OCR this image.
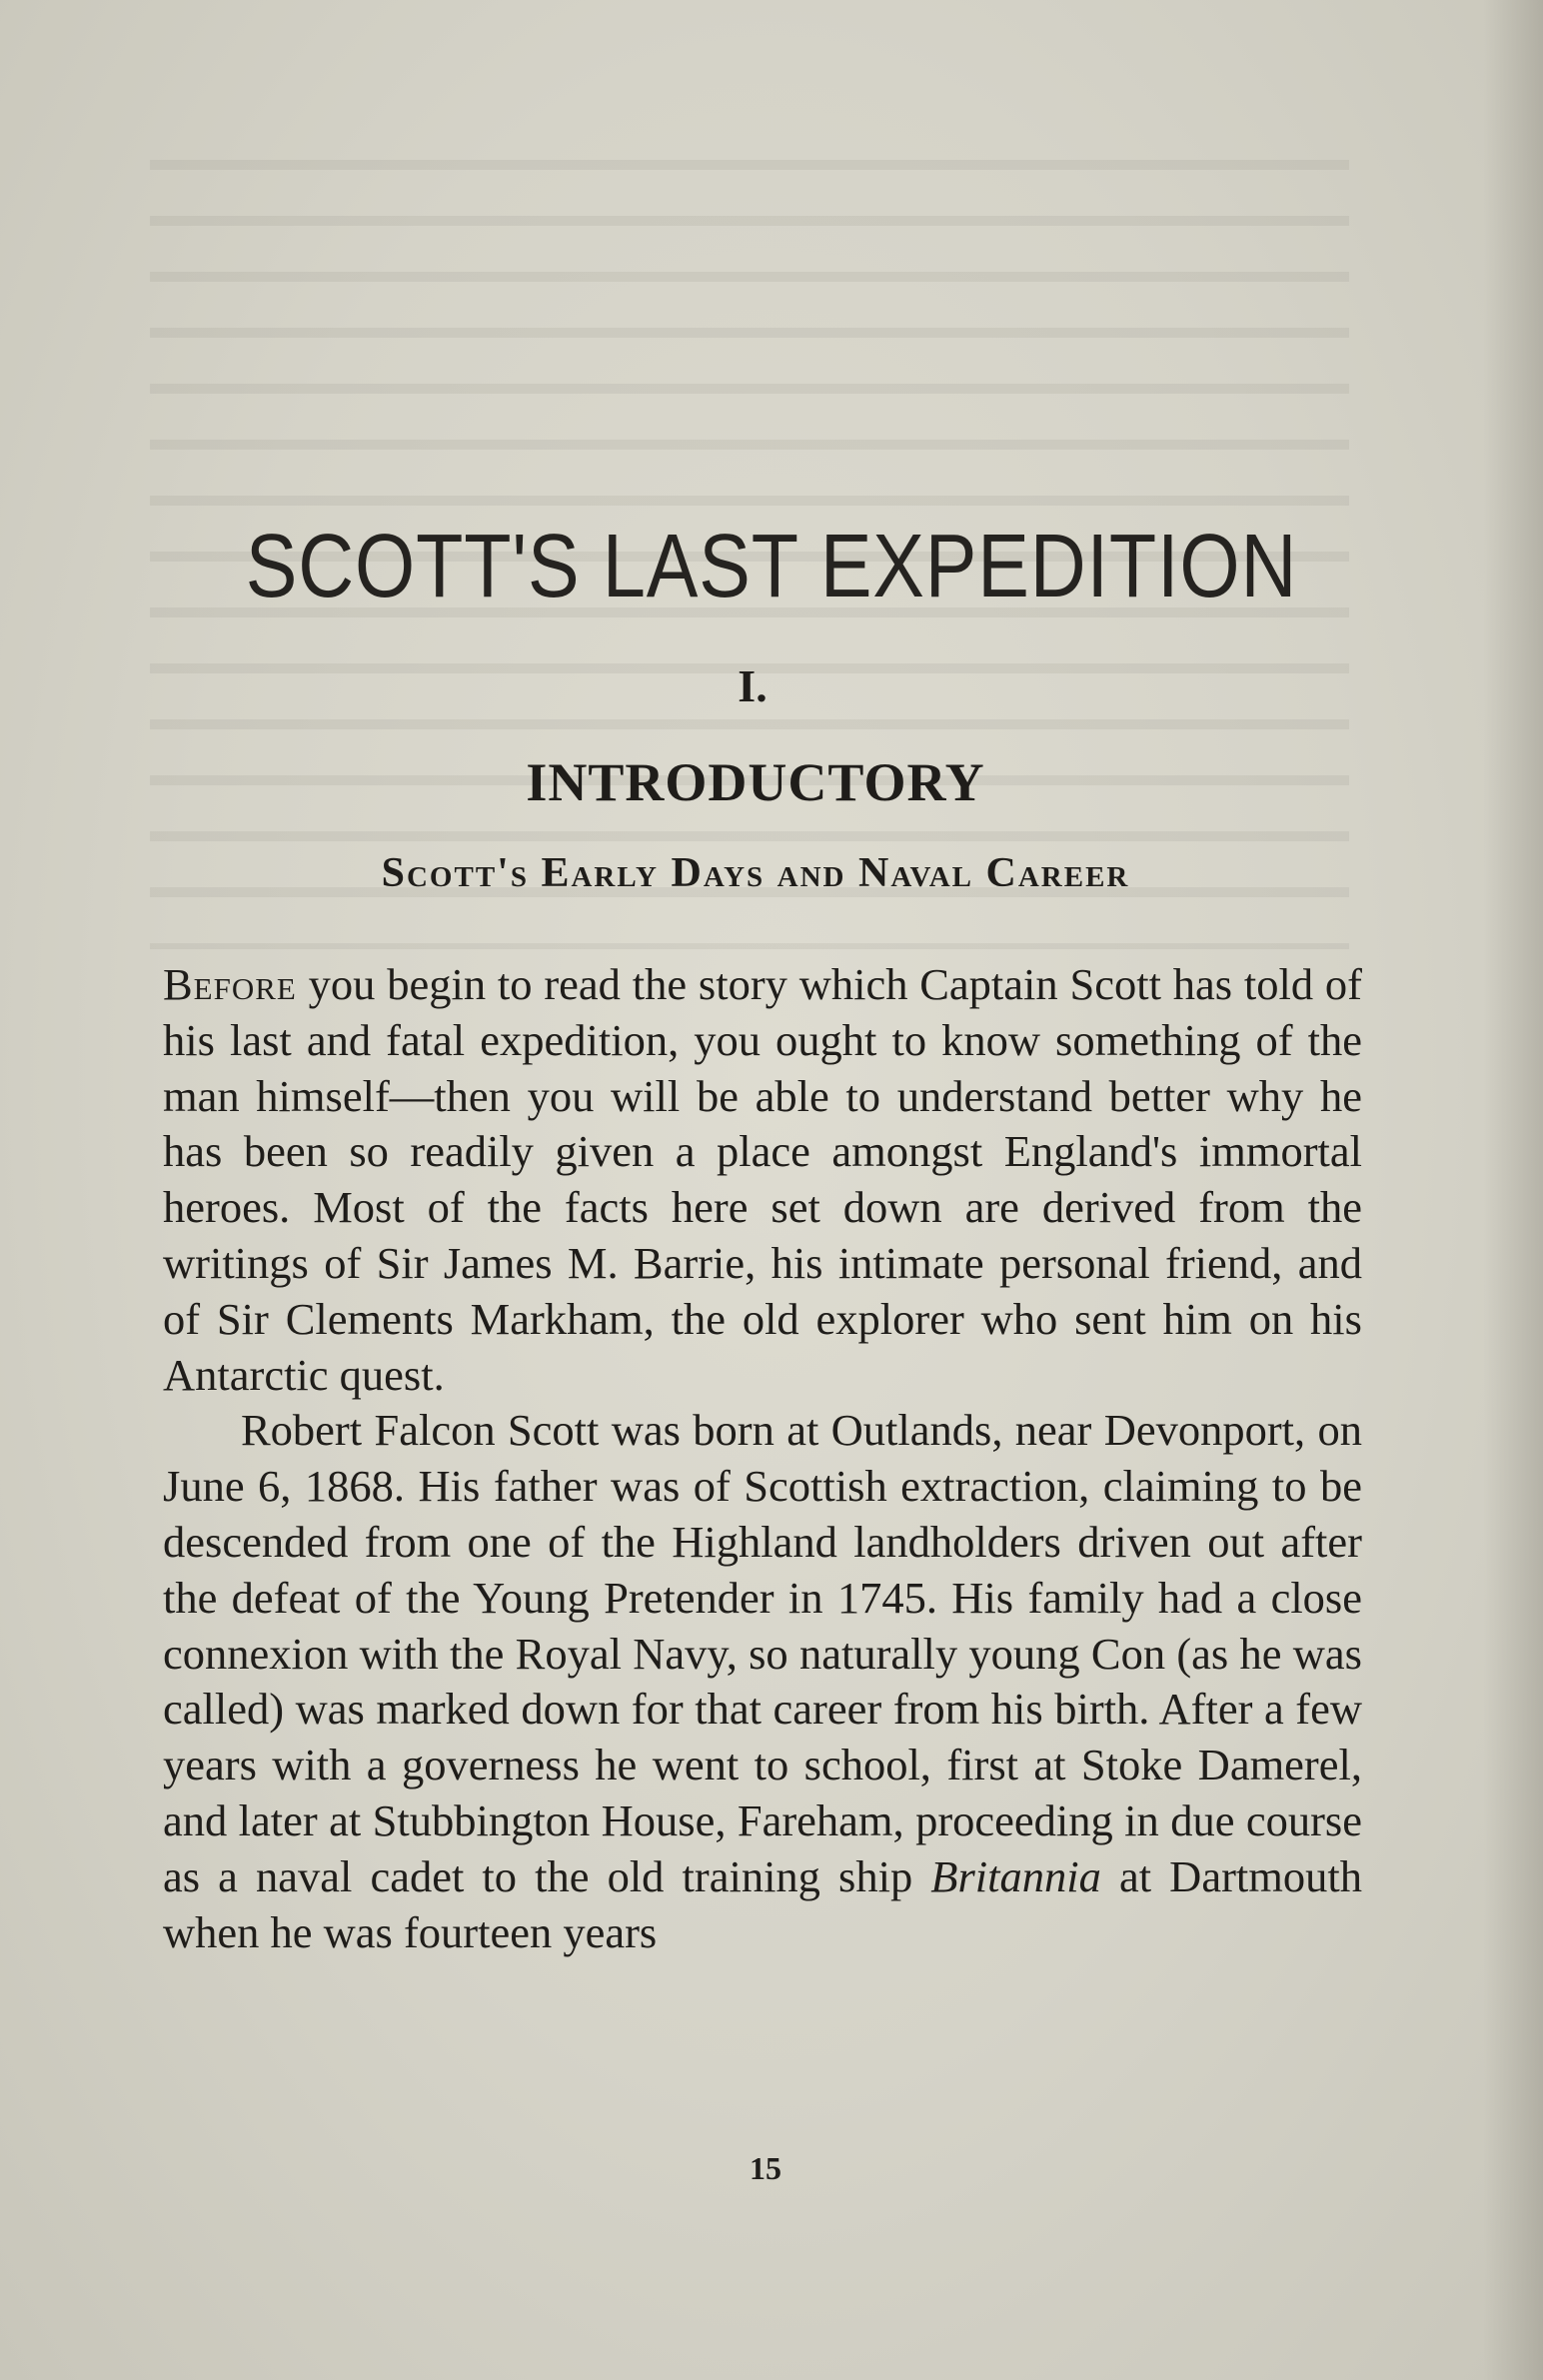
SCOTT'S LAST EXPEDITION
I.
INTRODUCTORY
Scott's Early Days and Naval Career

Before you begin to read the story which Captain Scott has told of his last and fatal expedition, you ought to know something of the man himself—then you will be able to understand better why he has been so readily given a place amongst England's immortal heroes. Most of the facts here set down are derived from the writings of Sir James M. Barrie, his intimate personal friend, and of Sir Clements Markham, the old explorer who sent him on his Antarctic quest.

Robert Falcon Scott was born at Outlands, near Devonport, on June 6, 1868. His father was of Scottish extraction, claiming to be descended from one of the Highland landholders driven out after the defeat of the Young Pretender in 1745. His family had a close connexion with the Royal Navy, so naturally young Con (as he was called) was marked down for that career from his birth. After a few years with a governess he went to school, first at Stoke Damerel, and later at Stubbington House, Fareham, proceeding in due course as a naval cadet to the old training ship Britannia at Dartmouth when he was fourteen years

15
